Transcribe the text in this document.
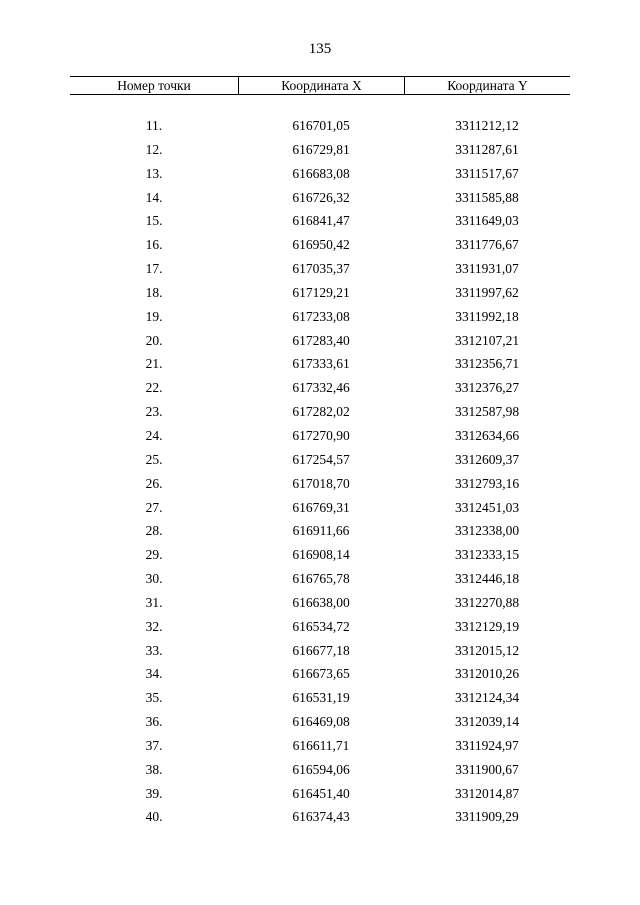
135
Номер точки	Координата X	Координата Y
11.	616701,05	3311212,12
12.	616729,81	3311287,61
13.	616683,08	3311517,67
14.	616726,32	3311585,88
15.	616841,47	3311649,03
16.	616950,42	3311776,67
17.	617035,37	3311931,07
18.	617129,21	3311997,62
19.	617233,08	3311992,18
20.	617283,40	3312107,21
21.	617333,61	3312356,71
22.	617332,46	3312376,27
23.	617282,02	3312587,98
24.	617270,90	3312634,66
25.	617254,57	3312609,37
26.	617018,70	3312793,16
27.	616769,31	3312451,03
28.	616911,66	3312338,00
29.	616908,14	3312333,15
30.	616765,78	3312446,18
31.	616638,00	3312270,88
32.	616534,72	3312129,19
33.	616677,18	3312015,12
34.	616673,65	3312010,26
35.	616531,19	3312124,34
36.	616469,08	3312039,14
37.	616611,71	3311924,97
38.	616594,06	3311900,67
39.	616451,40	3312014,87
40.	616374,43	3311909,29
